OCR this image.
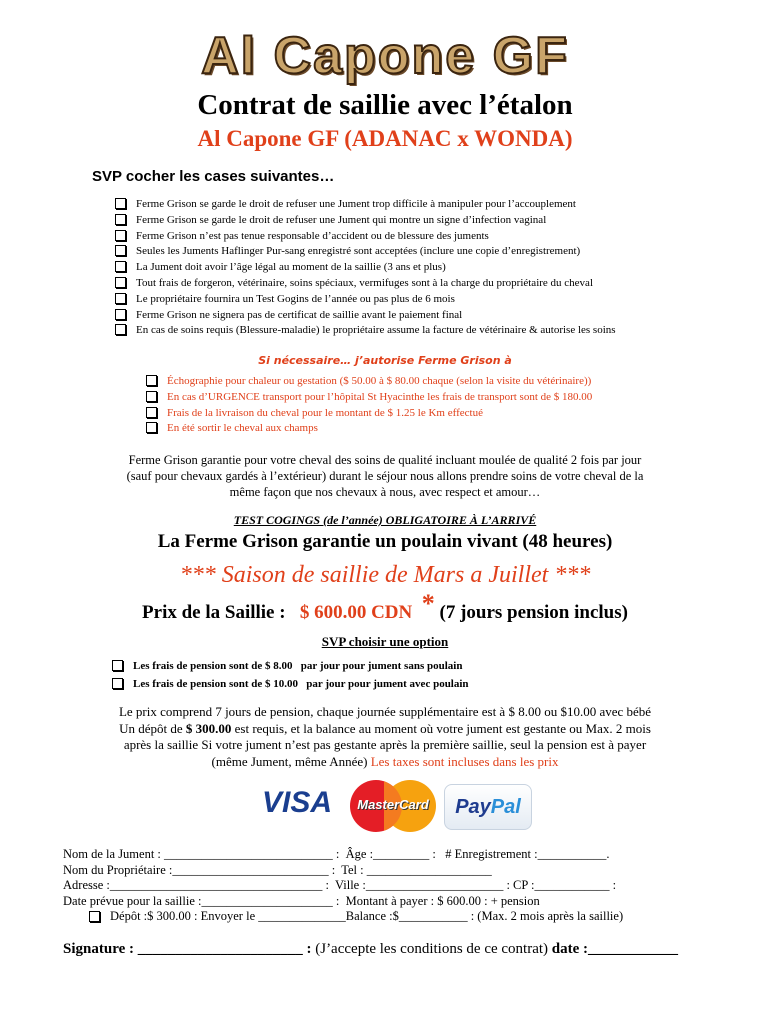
Al Capone GF
Contrat de saillie avec l’étalon
Al Capone GF (ADANAC x WONDA)
SVP cocher les cases suivantes…
Ferme Grison se garde le droit de refuser une Jument trop difficile à manipuler pour l’accouplement
Ferme Grison se garde le droit de refuser une Jument qui montre un signe d’infection vaginal
Ferme Grison n’est pas tenue responsable d’accident ou de blessure des juments
Seules les Juments Haflinger Pur-sang enregistré sont acceptées (inclure une copie d’enregistrement)
La Jument doit avoir l’âge légal au moment de la saillie (3 ans et plus)
Tout frais de forgeron, vétérinaire, soins spéciaux, vermifuges sont à la charge du propriétaire du cheval
Le propriétaire fournira un Test Gogins de l’année ou pas plus de 6 mois
Ferme Grison ne signera pas de certificat de saillie avant le paiement final
En cas de soins requis (Blessure-maladie) le propriétaire assume la facture de vétérinaire & autorise les soins
Si nécessaire… j’autorise Ferme Grison à
Échographie pour chaleur ou gestation ($ 50.00 à $ 80.00 chaque (selon la visite du vétérinaire))
En cas d’URGENCE transport pour l’hôpital St Hyacinthe les frais de transport sont de $ 180.00
Frais de la livraison du cheval pour le montant de $ 1.25 le Km effectué
En été sortir le cheval aux champs
Ferme Grison garantie pour votre cheval des soins de qualité incluant moulée de qualité 2 fois par jour
(sauf pour chevaux gardés à l’extérieur) durant le séjour nous allons prendre soins de votre cheval de la
même façon que nos chevaux à nous, avec respect et amour…
TEST COGINGS (de l’année) OBLIGATOIRE À L’ARRIVÉ
La Ferme Grison garantie un poulain vivant (48 heures)
*** Saison de saillie de Mars a Juillet ***
Prix de la Saillie : $ 600.00 CDN * (7 jours pension inclus)
SVP choisir une option
Les frais de pension sont de $ 8.00   par jour pour jument sans poulain
Les frais de pension sont de $ 10.00   par jour pour jument avec poulain
Le prix comprend 7 jours de pension, chaque journée supplémentaire est à $ 8.00 ou $10.00 avec bébé
Un dépôt de $ 300.00 est requis, et la balance au moment où votre jument est gestante ou Max. 2 mois
après la saillie Si votre jument n’est pas gestante après la première saillie, seul la pension est à payer
(même Jument, même Année) Les taxes sont incluses dans les prix
VISA	MasterCard	PayPal
Nom de la Jument : ___________________________ :  Âge :_________ :   # Enregistrement :___________.
Nom du Propriétaire :_________________________ :  Tel : ____________________
Adresse :__________________________________ :  Ville :______________________ : CP :____________ :
Date prévue pour la saillie :_____________________ :  Montant à payer : $ 600.00 : + pension
Dépôt :$ 300.00 : Envoyer le ______________Balance :$___________ : (Max. 2 mois après la saillie)
Signature : ______________________ : (J’accepte les conditions de ce contrat) date :____________
